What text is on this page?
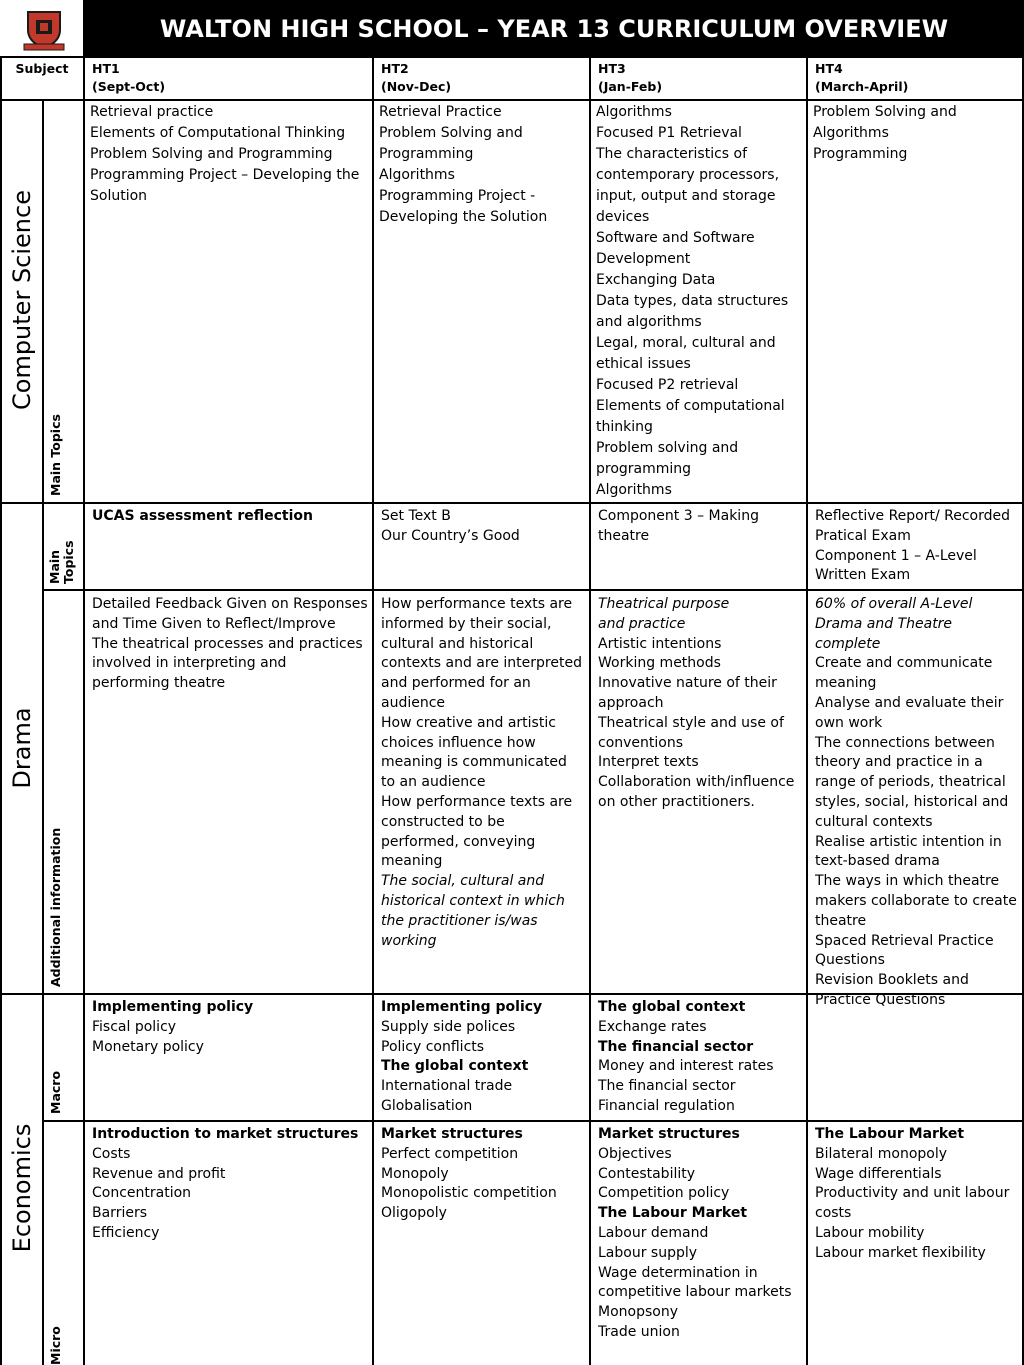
WALTON HIGH SCHOOL – YEAR 13 CURRICULUM OVERVIEW
Subject	HT1
(Sept-Oct)
HT2
(Nov-Dec)
HT3
(Jan-Feb)
HT4
(March-April)
Computer Science
Drama
Economics
Main Topics
Main Topics
Additional information
Macro
Micro
Retrieval practice
Elements of Computational Thinking
Problem Solving and Programming
Programming Project – Developing the Solution
Retrieval Practice
Problem Solving and Programming
Algorithms
Programming Project - Developing the Solution
Algorithms
Focused P1 Retrieval
The characteristics of contemporary processors, input, output and storage devices
Software and Software Development
Exchanging Data
Data types, data structures and algorithms
Legal, moral, cultural and ethical issues
Focused P2 retrieval
Elements of computational thinking
Problem solving and programming
Algorithms
Problem Solving and Algorithms
Programming
UCAS assessment reflection	Set Text B
Our Country’s Good
Component 3 – Making theatre
Reflective Report/ Recorded Pratical Exam
Component 1 – A-Level Written Exam
Detailed Feedback Given on Responses and Time Given to Reflect/Improve
The theatrical processes and practices involved in interpreting and performing theatre
How performance texts are informed by their social, cultural and historical contexts and are interpreted and performed for an audience
How creative and artistic choices influence how meaning is communicated to an audience
How performance texts are constructed to be performed, conveying meaning
The social, cultural and historical context in which the practitioner is/was working
Theatrical purpose and practice
Artistic intentions
Working methods
Innovative nature of their approach
Theatrical style and use of conventions
Interpret texts
Collaboration with/influence on other practitioners.
60% of overall A-Level Drama and Theatre complete
Create and communicate meaning
Analyse and evaluate their own work
The connections between theory and practice in a range of periods, theatrical styles, social, historical and cultural contexts
Realise artistic intention in text-based drama
The ways in which theatre makers collaborate to create theatre
Spaced Retrieval Practice Questions
Revision Booklets and Practice Questions
Implementing policy
Fiscal policy
Monetary policy
Implementing policy
Supply side polices
Policy conflicts
The global context
International trade
Globalisation
The global context
Exchange rates
The financial sector
Money and interest rates
The financial sector
Financial regulation
Introduction to market structures
Costs
Revenue and profit
Concentration
Barriers
Efficiency
Market structures
Perfect competition
Monopoly
Monopolistic competition
Oligopoly
Market structures
Objectives
Contestability
Competition policy
The Labour Market
Labour demand
Labour supply
Wage determination in competitive labour markets
Monopsony
Trade union
The Labour Market
Bilateral monopoly
Wage differentials
Productivity and unit labour costs
Labour mobility
Labour market flexibility
